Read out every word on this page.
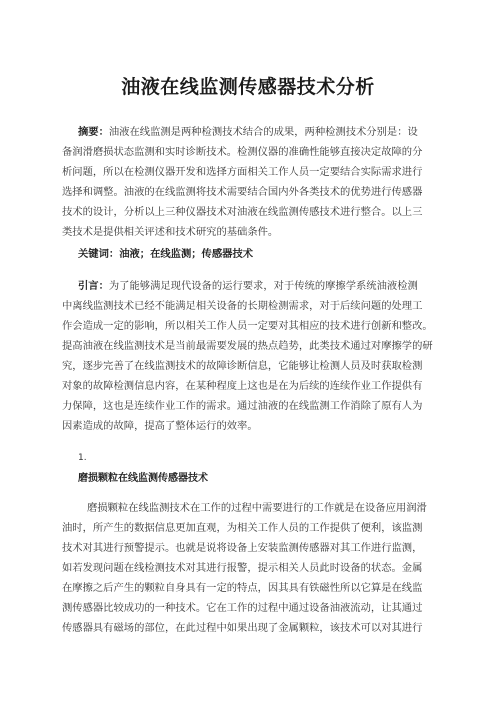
油液在线监测传感器技术分析
摘要：油液在线监测是两种检测技术结合的成果，两种检测技术分别是：设
备润滑磨损状态监测和实时诊断技术。检测仪器的准确性能够直接决定故障的分
析问题，所以在检测仪器开发和选择方面相关工作人员一定要结合实际需求进行
选择和调整。油液的在线监测将技术需要结合国内外各类技术的优势进行传感器
技术的设计，分析以上三种仪器技术对油液在线监测传感技术进行整合。以上三
类技术是提供相关评述和技术研究的基础条件。
关键词：油液；在线监测；传感器技术
引言：为了能够满足现代设备的运行要求，对于传统的摩擦学系统油液检测
中离线监测技术已经不能满足相关设备的长期检测需求，对于后续问题的处理工
作会造成一定的影响，所以相关工作人员一定要对其相应的技术进行创新和整改。
提高油液在线监测技术是当前最需要发展的热点趋势，此类技术通过对摩擦学的研
究，逐步完善了在线监测技术的故障诊断信息，它能够让检测人员及时获取检测
对象的故障检测信息内容，在某种程度上这也是在为后续的连续作业工作提供有
力保障，这也是连续作业工作的需求。通过油液的在线监测工作消除了原有人为
因素造成的故障，提高了整体运行的效率。
1.
磨损颗粒在线监测传感器技术
磨损颗粒在线监测技术在工作的过程中需要进行的工作就是在设备应用润滑
油时，所产生的数据信息更加直观，为相关工作人员的工作提供了便利，该监测
技术对其进行预警提示。也就是说将设备上安装监测传感器对其工作进行监测，
如若发现问题在线检测技术对其进行报警，提示相关人员此时设备的状态。金属
在摩擦之后产生的颗粒自身具有一定的特点，因其具有铁磁性所以它算是在线监
测传感器比较成功的一种技术。它在工作的过程中通过设备油液流动，让其通过
传感器具有磁场的部位，在此过程中如果出现了金属颗粒，该技术可以对其进行
